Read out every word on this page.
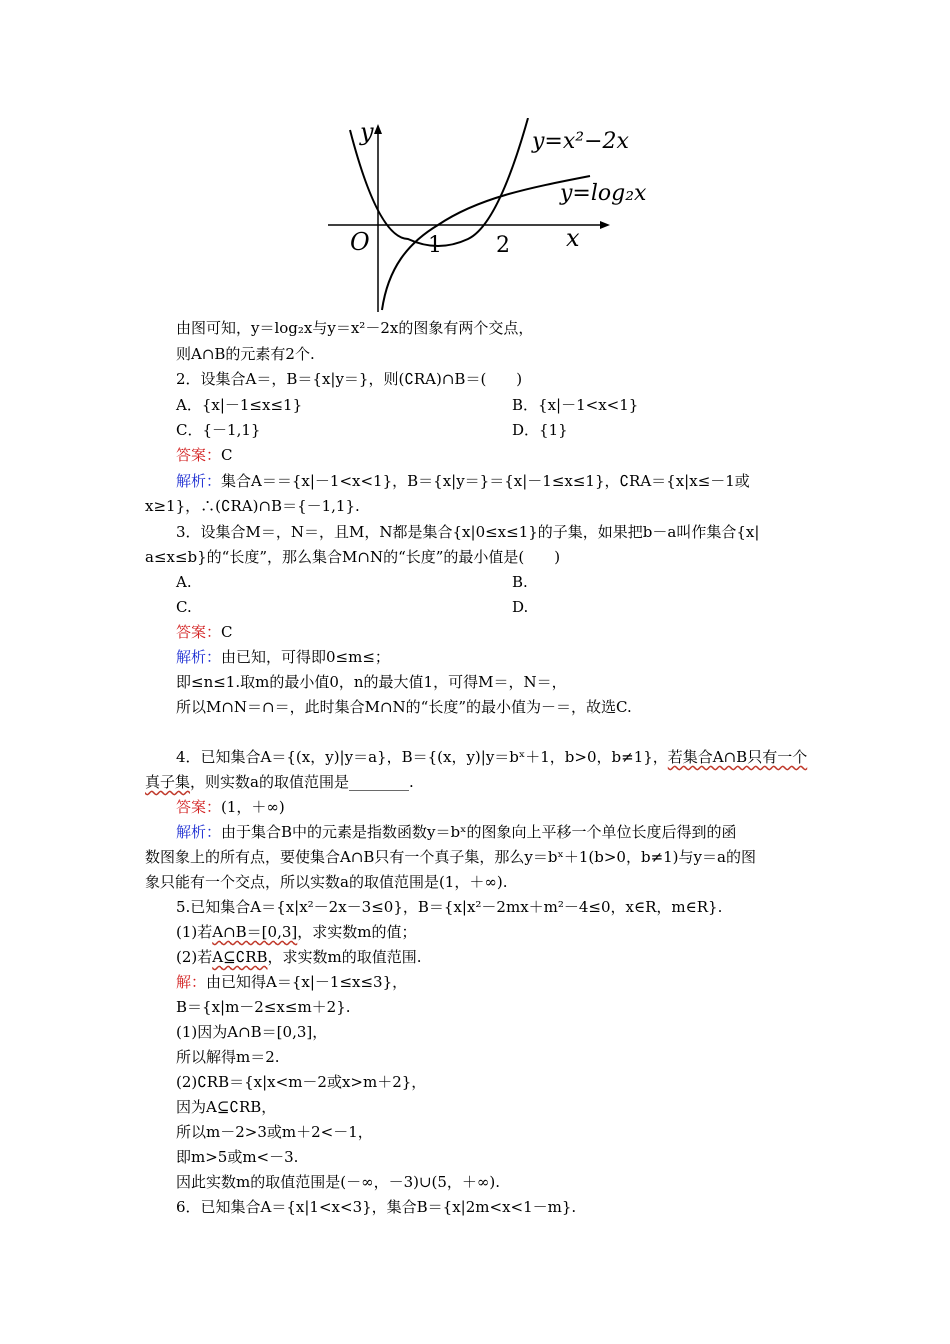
y
x
O	1 2
y=x²−2x
y=log₂x
由图可知，y＝log₂x与y＝x²－2x的图象有两个交点，
则A∩B的元素有2个.
2．设集合A＝，B＝{x|y＝}，则(∁RA)∩B＝(　　)
A．{x|－1≤x≤1}	B．{x|－1<x<1}
C．{－1,1}	D．{1}
答案：C
解析：集合A＝＝{x|－1<x<1}，B＝{x|y＝}＝{x|－1≤x≤1}，∁RA＝{x|x≤－1或
x≥1}，∴(∁RA)∩B＝{－1,1}.
3．设集合M＝，N＝，且M，N都是集合{x|0≤x≤1}的子集，如果把b－a叫作集合{x|
a≤x≤b}的“长度”，那么集合M∩N的“长度”的最小值是(　　)
A.	B.
C.	D.
答案：C
解析：由已知，可得即0≤m≤；
即≤n≤1.取m的最小值0，n的最大值1，可得M＝，N＝，
所以M∩N＝∩＝，此时集合M∩N的“长度”的最小值为－＝，故选C.
4．已知集合A＝{(x，y)|y＝a}，B＝{(x，y)|y＝bˣ＋1，b>0，b≠1}，若集合A∩B只有一个
真子集，则实数a的取值范围是________.
答案：(1，＋∞)
解析：由于集合B中的元素是指数函数y＝bˣ的图象向上平移一个单位长度后得到的函
数图象上的所有点，要使集合A∩B只有一个真子集，那么y＝bˣ＋1(b>0，b≠1)与y＝a的图
象只能有一个交点，所以实数a的取值范围是(1，＋∞).
5.已知集合A＝{x|x²－2x－3≤0}，B＝{x|x²－2mx＋m²－4≤0，x∈R，m∈R}.
(1)若A∩B＝[0,3]，求实数m的值；
(2)若A⊆∁RB，求实数m的取值范围.
解：由已知得A＝{x|－1≤x≤3}，
B＝{x|m－2≤x≤m＋2}.
(1)因为A∩B＝[0,3]，
所以解得m＝2.
(2)∁RB＝{x|x<m－2或x>m＋2}，
因为A⊆∁RB，
所以m－2>3或m＋2<－1，
即m>5或m<－3.
因此实数m的取值范围是(－∞，－3)∪(5，＋∞).
6．已知集合A＝{x|1<x<3}，集合B＝{x|2m<x<1－m}.
